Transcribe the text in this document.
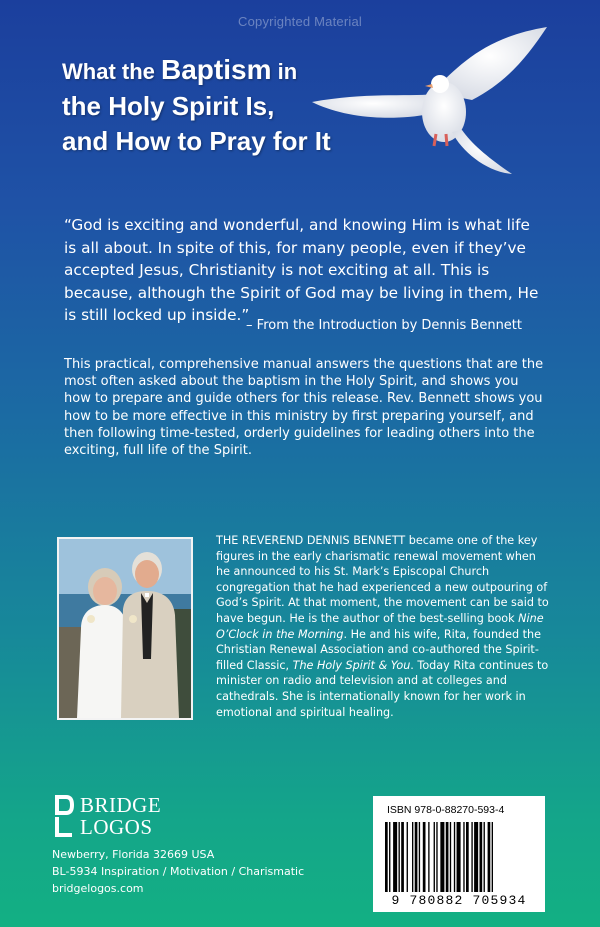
Copyrighted Material
What the Baptism in
the Holy Spirit Is,
and How to Pray for It
“God is exciting and wonderful, and knowing Him is what life is all about. In spite of this, for many people, even if they’ve accepted Jesus, Christianity is not exciting at all. This is because, although the Spirit of God may be living in them, He is still locked up inside.”
– From the Introduction by Dennis Bennett
This practical, comprehensive manual answers the questions that are the most often asked about the baptism in the Holy Spirit, and shows you how to prepare and guide others for this release. Rev. Bennett shows you how to be more effective in this ministry by first preparing yourself, and then following time-tested, orderly guidelines for leading others into the exciting, full life of the Spirit.
THE REVEREND DENNIS BENNETT became one of the key figures in the early charismatic renewal movement when he announced to his St. Mark’s Episcopal Church congregation that he had experienced a new outpouring of God’s Spirit. At that moment, the movement can be said to have begun. He is the author of the best-selling book Nine O’Clock in the Morning. He and his wife, Rita, founded the Christian Renewal Association and co-authored the Spirit-filled Classic, The Holy Spirit & You. Today Rita continues to minister on radio and television and at colleges and cathedrals. She is internationally known for her work in emotional and spiritual healing.
BRIDGE
LOGOS
Newberry, Florida 32669 USA
BL-5934 Inspiration / Motivation / Charismatic
bridgelogos.com
ISBN 978-0-88270-593-4
9 780882 705934
